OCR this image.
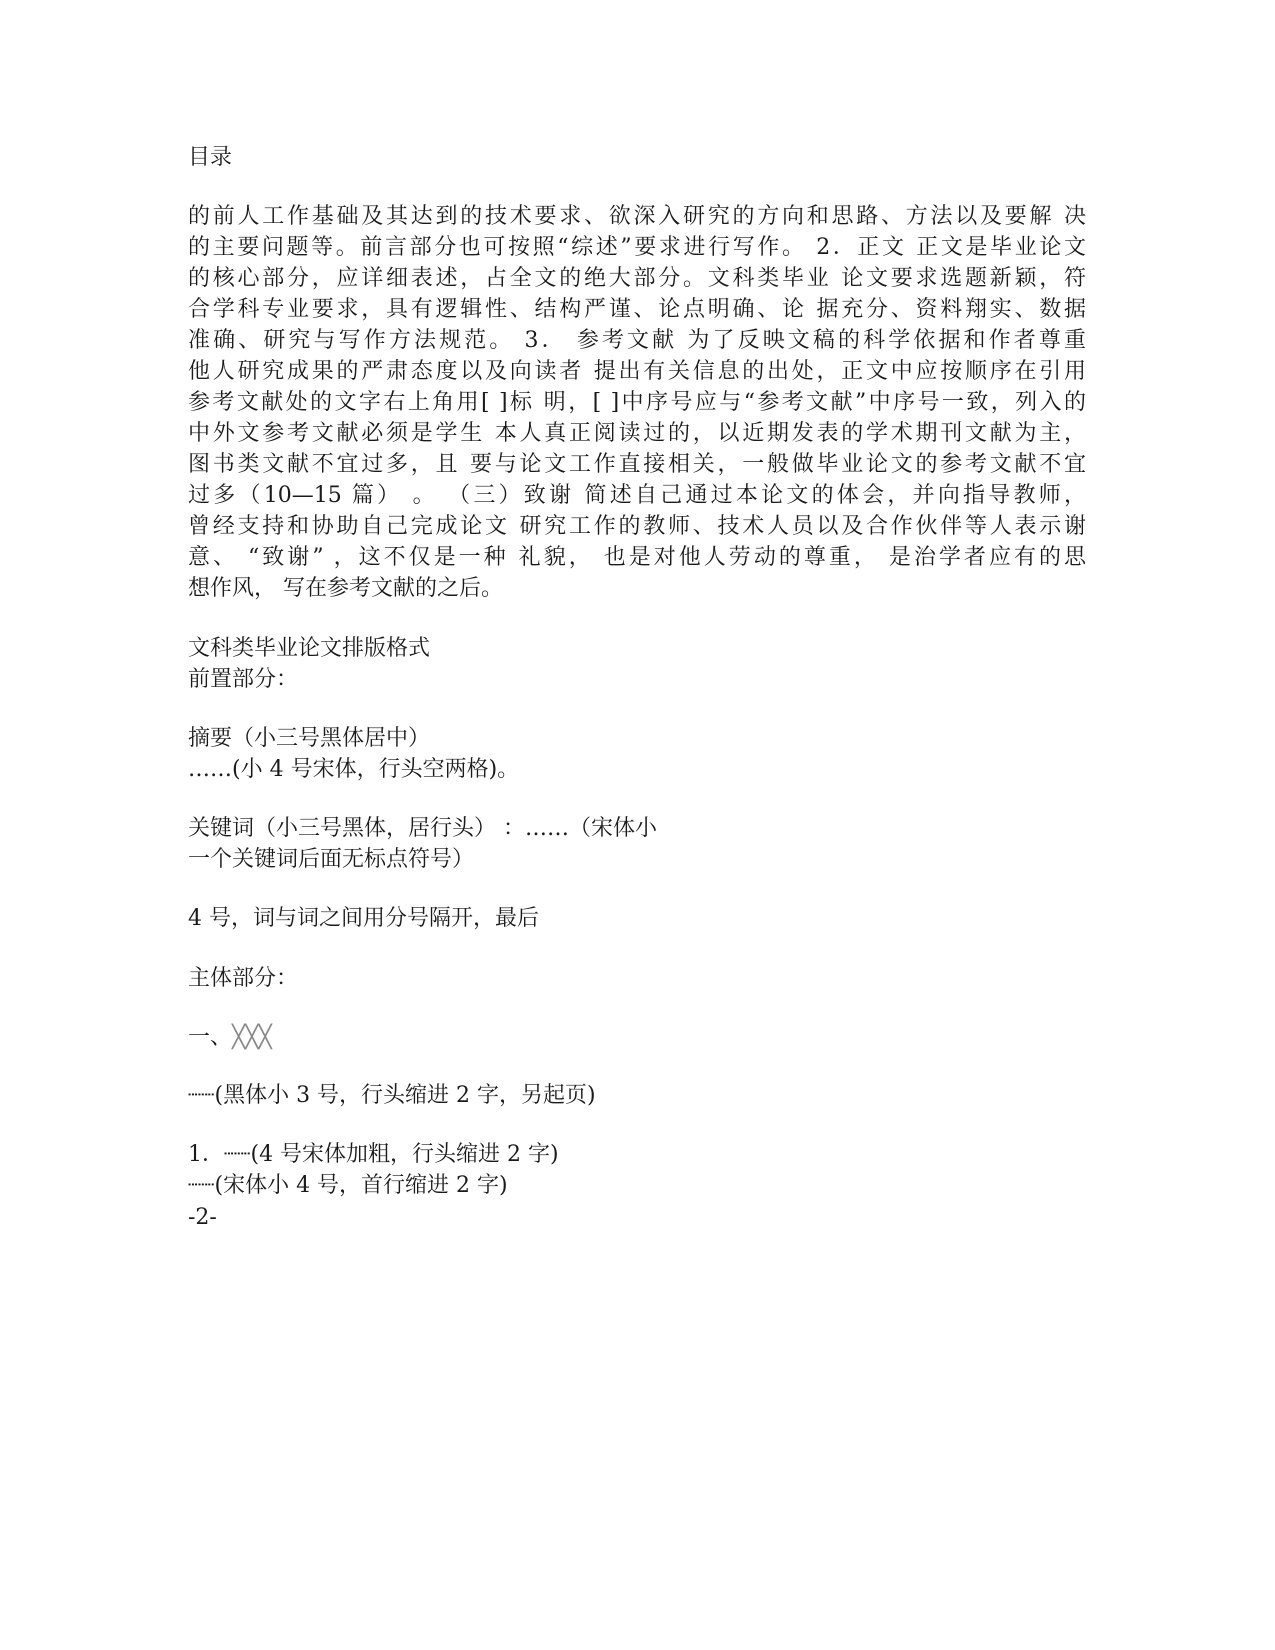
目录

的前人工作基础及其达到的技术要求、欲深入研究的方向和思路、方法以及要解 决

的主要问题等。前言部分也可按照“综述”要求进行写作。 2．正文 正文是毕业论文

的核心部分，应详细表述，占全文的绝大部分。文科类毕业 论文要求选题新颖，符

合学科专业要求，具有逻辑性、结构严谨、论点明确、论 据充分、资料翔实、数据

准确、研究与写作方法规范。 3． 参考文献 为了反映文稿的科学依据和作者尊重

他人研究成果的严肃态度以及向读者 提出有关信息的出处，正文中应按顺序在引用

参考文献处的文字右上角用[ ]标 明，[ ]中序号应与“参考文献”中序号一致，列入的

中外文参考文献必须是学生 本人真正阅读过的，以近期发表的学术期刊文献为主，

图书类文献不宜过多，且 要与论文工作直接相关，一般做毕业论文的参考文献不宜

过多（10—15 篇） 。 （三）致谢 简述自己通过本论文的体会，并向指导教师，

曾经支持和协助自己完成论文 研究工作的教师、技术人员以及合作伙伴等人表示谢

意、 “致谢” ，这不仅是一种 礼貌， 也是对他人劳动的尊重， 是治学者应有的思

想作风， 写在参考文献的之后。

文科类毕业论文排版格式

前置部分：

摘要（小三号黑体居中）

……(小 4 号宋体，行头空两格)。

关键词（小三号黑体，居行头） ：……（宋体小

一个关键词后面无标点符号）

4 号，词与词之间用分号隔开，最后

主体部分：

一、╳╳╳

┈┈(黑体小 3 号，行头缩进 2 字，另起页)

1．┈┈(4 号宋体加粗，行头缩进 2 字)

┈┈(宋体小 4 号，首行缩进 2 字)

-2-
